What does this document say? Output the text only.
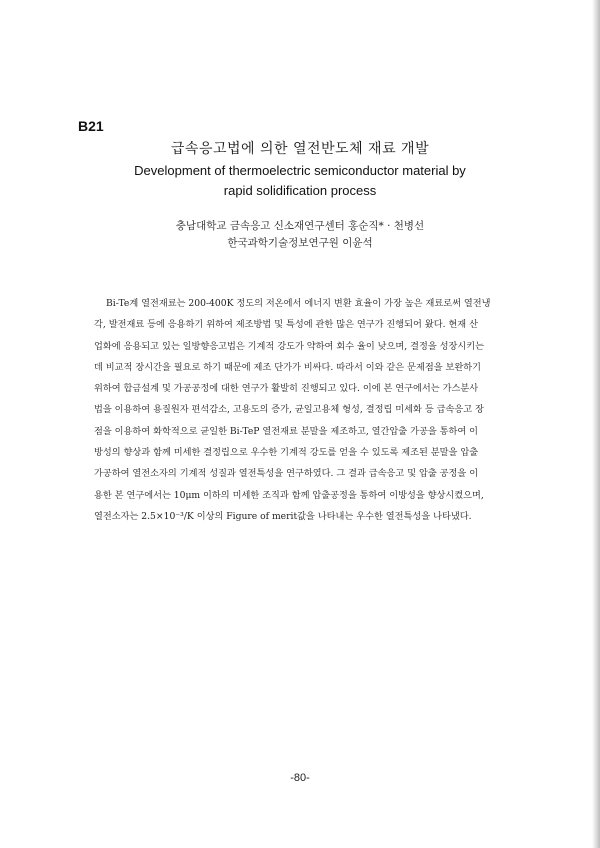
B21
급속응고법에 의한 열전반도체 재료 개발
Development of thermoelectric semiconductor material by
rapid solidification process
충남대학교 금속응고 신소재연구센터 홍순직* · 천병선
한국과학기술정보연구원 이윤석
Bi-Te계 열전재료는 200-400K 정도의 저온에서 에너지 변환 효율이 가장 높은 재료로써 열전냉
각, 발전재료 등에 응용하기 위하여 제조방법 및 특성에 관한 많은 연구가 진행되어 왔다. 현재 산
업화에 응용되고 있는 일방향응고법은 기계적 강도가 약하여 회수 율이 낮으며, 결정을 성장시키는
데 비교적 장시간을 필요로 하기 때문에 제조 단가가 비싸다. 따라서 이와 같은 문제점을 보완하기
위하여 합금설계 및 가공공정에 대한 연구가 활발히 진행되고 있다. 이에 본 연구에서는 가스분사
법을 이용하여 용질원자 편석감소, 고용도의 증가, 균일고용체 형성, 결정립 미세화 등 급속응고 장
점을 이용하여 화학적으로 균일한 Bi-TeP 열전재료 분말을 제조하고, 열간압출 가공을 통하여 이
방성의 향상과 함께 미세한 결정립으로 우수한 기계적 강도를 얻을 수 있도록 제조된 분말을 압출
가공하여 열전소자의 기계적 성질과 열전특성을 연구하였다. 그 결과 급속응고 및 압출 공정을 이
용한 본 연구에서는 10μm 이하의 미세한 조직과 함께 압출공정을 통하여 이방성을 향상시켰으며,
열전소자는 2.5×10⁻³/K 이상의 Figure of merit값을 나타내는 우수한 열전특성을 나타냈다.
-80-
